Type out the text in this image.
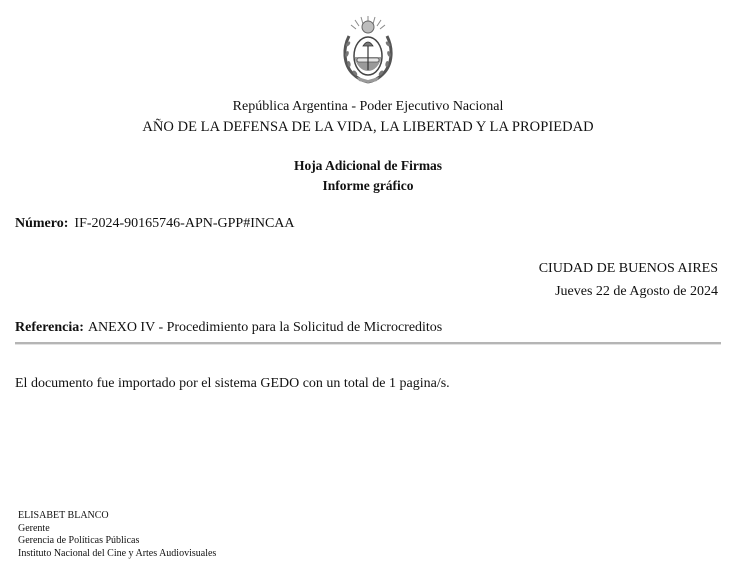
República Argentina - Poder Ejecutivo Nacional

AÑO DE LA DEFENSA DE LA VIDA, LA LIBERTAD Y LA PROPIEDAD
Hoja Adicional de Firmas
Informe gráfico
Número: IF-2024-90165746-APN-GPP#INCAA
CIUDAD DE BUENOS AIRES
Jueves 22 de Agosto de 2024
Referencia: ANEXO IV - Procedimiento para la Solicitud de Microcreditos
El documento fue importado por el sistema GEDO con un total de 1 pagina/s.
ELISABET BLANCO
Gerente
Gerencia de Políticas Públicas
Instituto Nacional del Cine y Artes Audiovisuales
